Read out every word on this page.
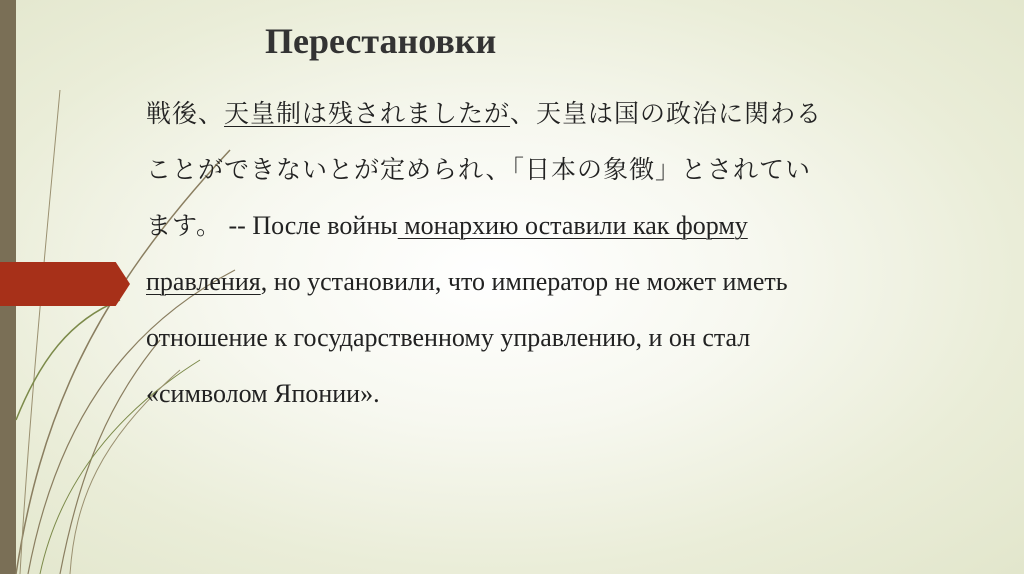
Перестановки
戦後、天皇制は残されましたが、天皇は国の政治に関わる
ことができないとが定められ、「日本の象徴」とされてい
ます。 -- После войны монархию оставили как форму
правления, но установили, что император не может иметь
отношение к государственному управлению, и он стал
«символом Японии».
